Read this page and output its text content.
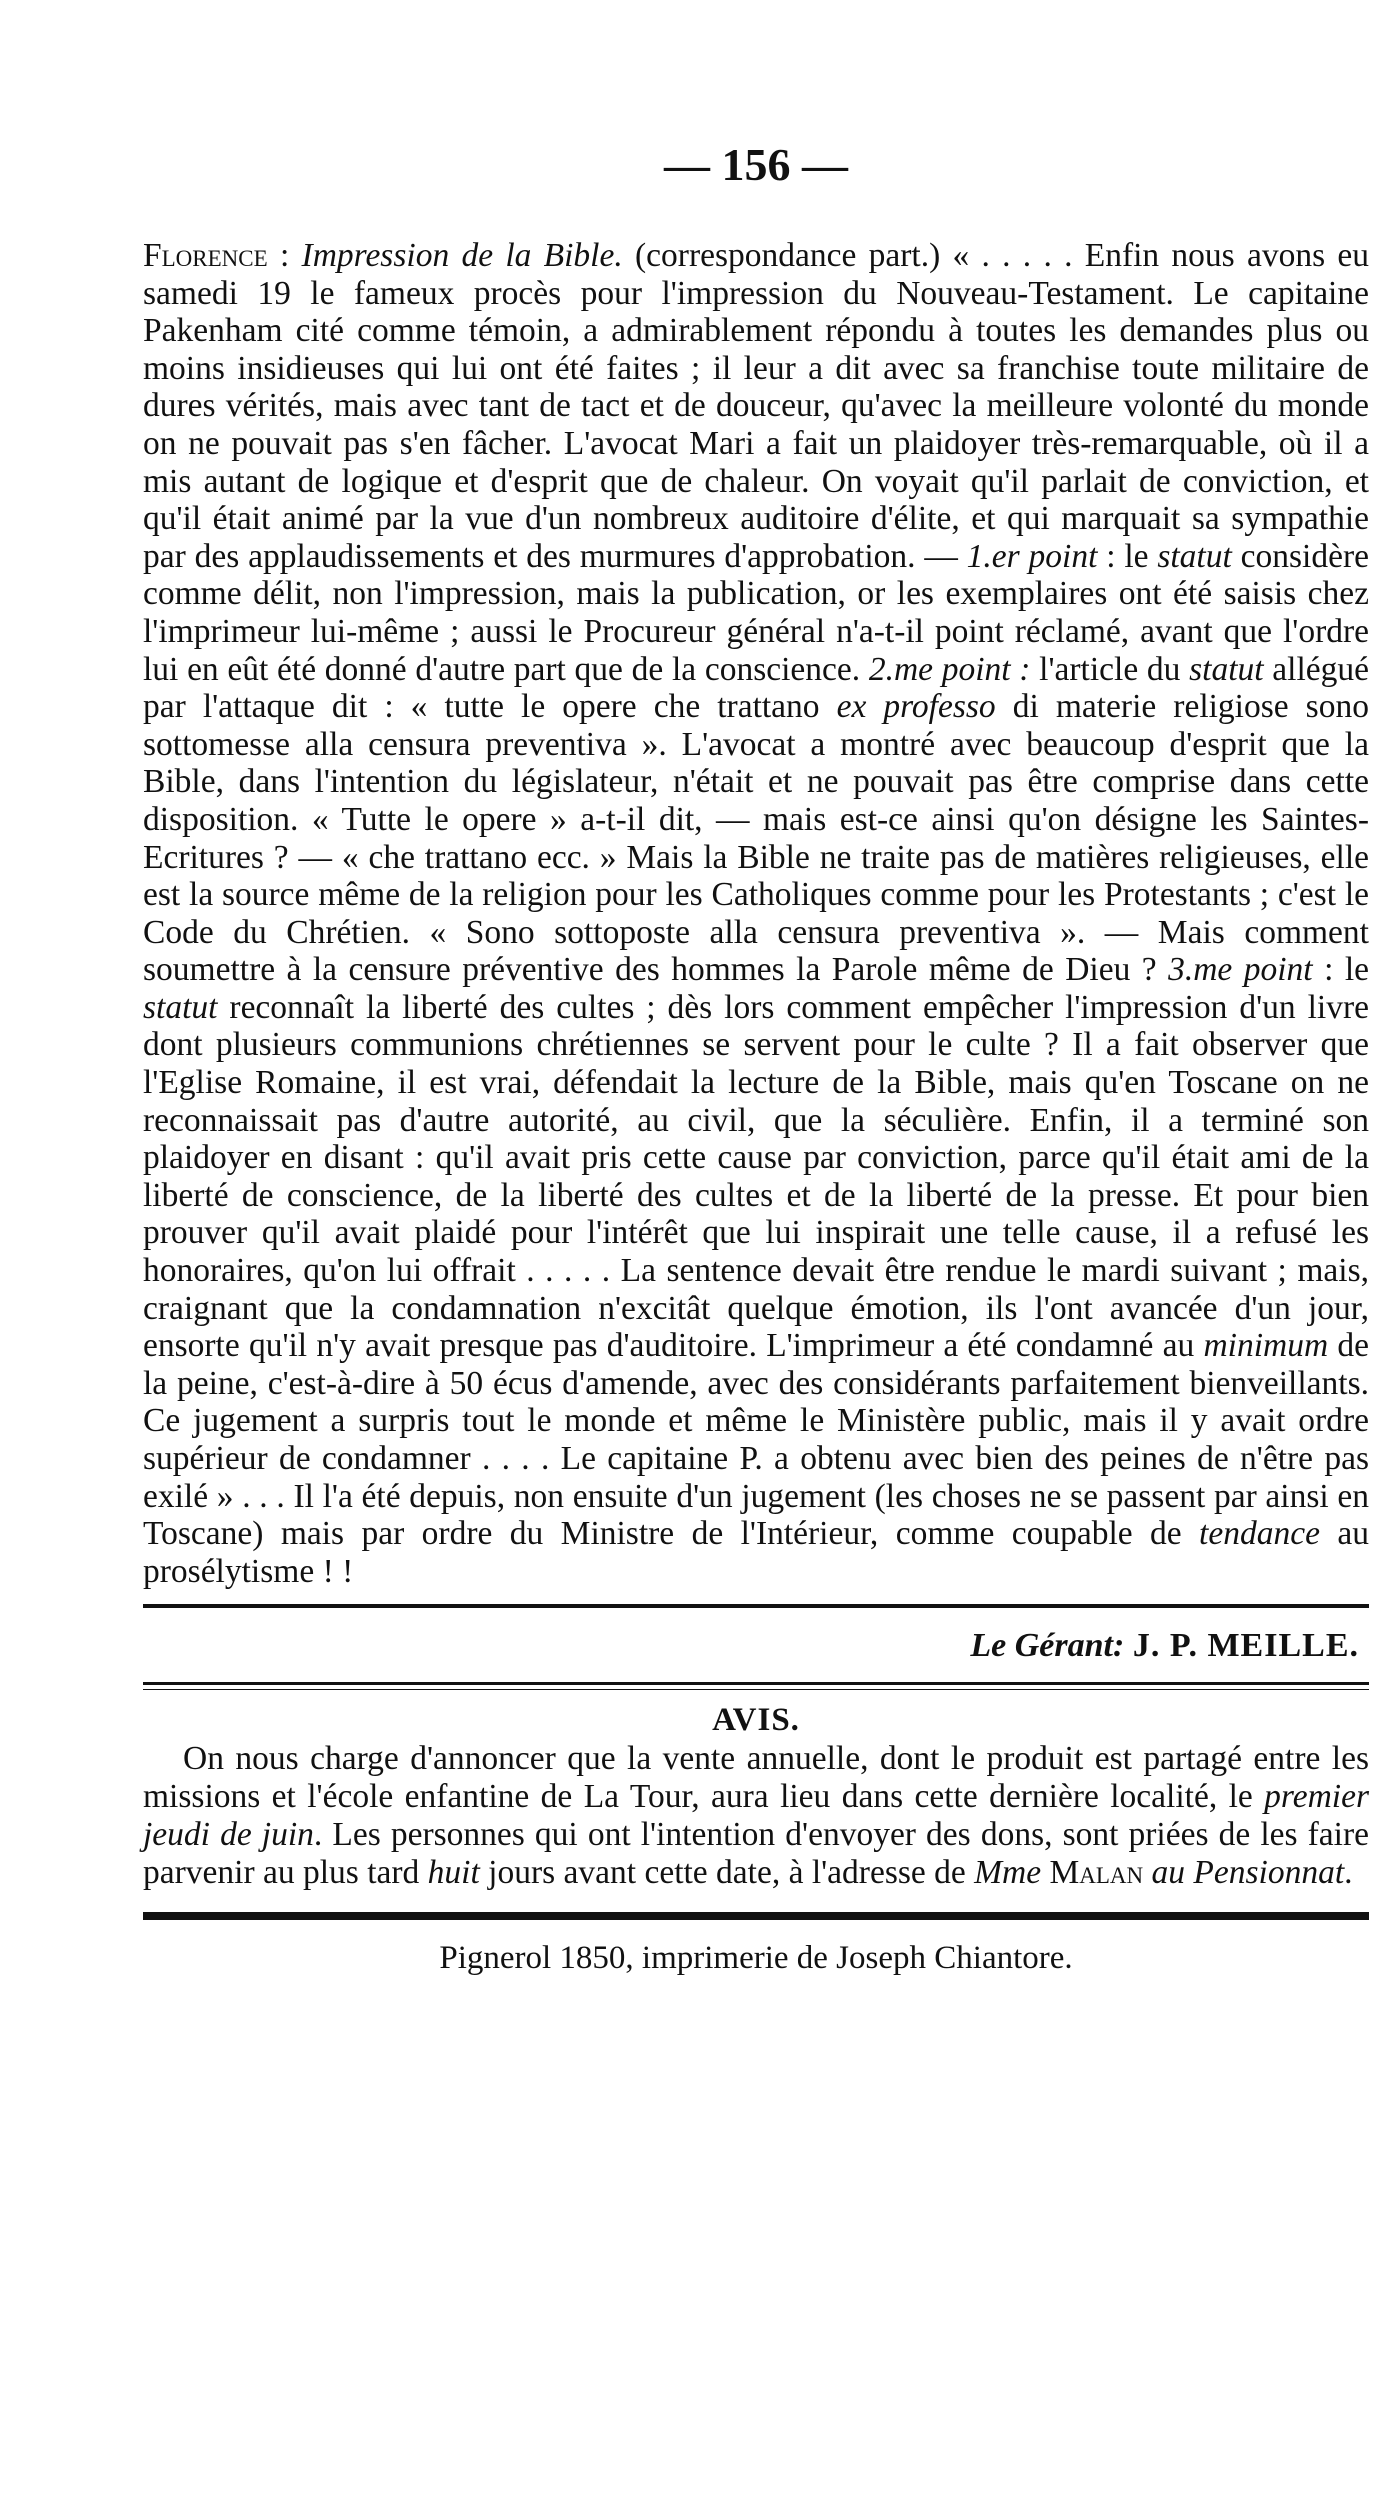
— 156 —

Florence : Impression de la Bible. (correspondance part.) « . . . . . Enfin nous avons eu samedi 19 le fameux procès pour l'impression du Nouveau-Testament. Le capitaine Pakenham cité comme témoin, a admirablement répondu à toutes les demandes plus ou moins insidieuses qui lui ont été faites ; il leur a dit avec sa franchise toute militaire de dures vérités, mais avec tant de tact et de douceur, qu'avec la meilleure volonté du monde on ne pouvait pas s'en fâcher. L'avocat Mari a fait un plaidoyer très-remarquable, où il a mis autant de logique et d'esprit que de chaleur. On voyait qu'il parlait de conviction, et qu'il était animé par la vue d'un nombreux auditoire d'élite, et qui marquait sa sympathie par des applaudissements et des murmures d'approbation. — 1.er point : le statut considère comme délit, non l'impression, mais la publication, or les exemplaires ont été saisis chez l'imprimeur lui-même ; aussi le Procureur général n'a-t-il point réclamé, avant que l'ordre lui en eût été donné d'autre part que de la conscience. 2.me point : l'article du statut allégué par l'attaque dit : « tutte le opere che trattano ex professo di materie religiose sono sottomesse alla censura preventiva ». L'avocat a montré avec beaucoup d'esprit que la Bible, dans l'intention du législateur, n'était et ne pouvait pas être comprise dans cette disposition. « Tutte le opere » a-t-il dit, — mais est-ce ainsi qu'on désigne les Saintes-Ecritures ? — « che trattano ecc. » Mais la Bible ne traite pas de matières religieuses, elle est la source même de la religion pour les Catholiques comme pour les Protestants ; c'est le Code du Chrétien. « Sono sottoposte alla censura preventiva ». — Mais comment soumettre à la censure préventive des hommes la Parole même de Dieu ? 3.me point : le statut reconnaît la liberté des cultes ; dès lors comment empêcher l'impression d'un livre dont plusieurs communions chrétiennes se servent pour le culte ? Il a fait observer que l'Eglise Romaine, il est vrai, défendait la lecture de la Bible, mais qu'en Toscane on ne reconnaissait pas d'autre autorité, au civil, que la séculière. Enfin, il a terminé son plaidoyer en disant : qu'il avait pris cette cause par conviction, parce qu'il était ami de la liberté de conscience, de la liberté des cultes et de la liberté de la presse. Et pour bien prouver qu'il avait plaidé pour l'intérêt que lui inspirait une telle cause, il a refusé les honoraires, qu'on lui offrait . . . . . La sentence devait être rendue le mardi suivant ; mais, craignant que la condamnation n'excitât quelque émotion, ils l'ont avancée d'un jour, ensorte qu'il n'y avait presque pas d'auditoire. L'imprimeur a été condamné au minimum de la peine, c'est-à-dire à 50 écus d'amende, avec des considérants parfaitement bienveillants. Ce jugement a surpris tout le monde et même le Ministère public, mais il y avait ordre supérieur de condamner . . . . Le capitaine P. a obtenu avec bien des peines de n'être pas exilé » . . . Il l'a été depuis, non ensuite d'un jugement (les choses ne se passent par ainsi en Toscane) mais par ordre du Ministre de l'Intérieur, comme coupable de tendance au prosélytisme ! !

Le Gérant: J. P. MEILLE.
AVIS.

On nous charge d'annoncer que la vente annuelle, dont le produit est partagé entre les missions et l'école enfantine de La Tour, aura lieu dans cette dernière localité, le premier jeudi de juin. Les personnes qui ont l'intention d'envoyer des dons, sont priées de les faire parvenir au plus tard huit jours avant cette date, à l'adresse de Mme Malan au Pensionnat.

Pignerol 1850, imprimerie de Joseph Chiantore.
